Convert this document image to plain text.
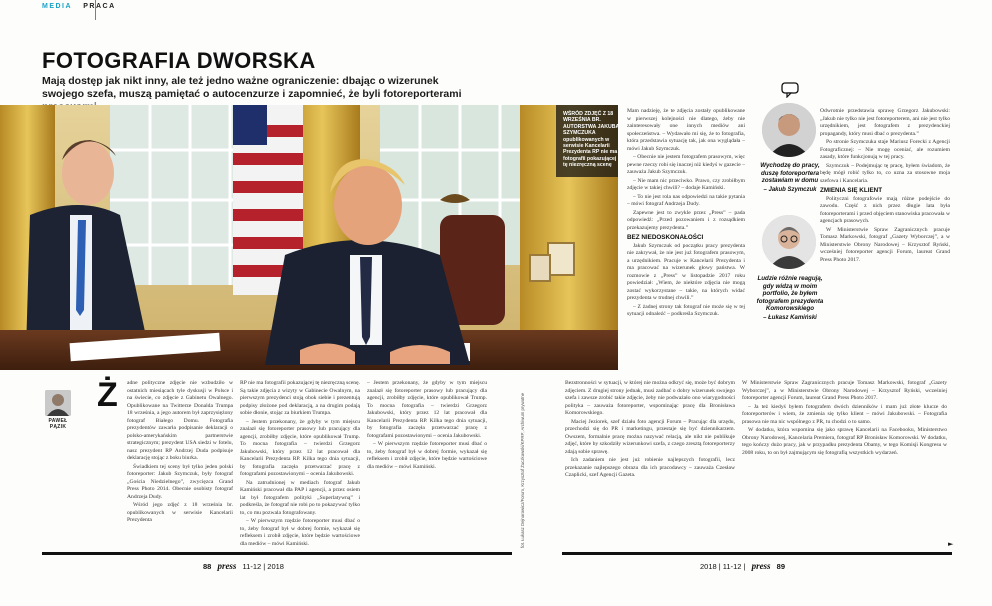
MEDIA PRACA
FOTOGRAFIA DWORSKA
Mają dostęp jak nikt inny, ale też jedno ważne ograniczenie: dbając o wizerunek swojego szefa, muszą pamiętać o autocenzurze i zapomnieć, że byli fotoreporterami
WŚRÓD ZDJĘĆ Z 18 WRZEŚNIA BR. AUTORSTWA JAKUBA SZYMCZUKA opublikowanych w serwisie Kancelarii Prezydenta RP nie ma fotografii pokazującej tę niezręczną scenę
PAWEŁ
PĄZIK
Ż adne polityczne zdjęcie nie wzbudziło w ostatnich miesiącach tyle dyskusji w Polsce i na świecie, co zdjęcie z Gabinetu Owalnego. Opublikowane na Twitterze Donalda Trumpa 18 września, a jego autorem był zaprzysiężony fotograf Białego Domu. Fotografia prezydentów zawarła podpisanie deklaracji o polsko-amerykańskim partnerstwie strategicznym; prezydent USA siedzi w fotelu, nasz prezydent RP Andrzej Duda podpisuje deklarację stojąc z boku biurka.

Świadkiem tej sceny był tylko jeden polski fotoreporter: Jakub Szymczuk, były fotograf „Gościa Niedzielnego”, zwycięzca Grand Press Photo 2014. Obecnie osobisty fotograf Andrzeja Dudy.

Wśród jego zdjęć z 18 września br. opublikowanych w serwisie Kancelarii Prezydenta

RP nie ma fotografii pokazującej tę niezręczną scenę. Są takie zdjęcia z wizyty w Gabinecie Owalnym, na pierwszym prezydenci stoją obok siebie i prezentują podpisy złożone pod deklaracją, a na drugim podają sobie dłonie, stojąc za biurkiem Trumpa.

– Jestem przekonany, że gdyby w tym miejscu znalazł się fotoreporter prasowy lub pracujący dla agencji, zrobiłby zdjęcie, które opublikował Trump. To mocna fotografia – twierdzi Grzegorz Jakubowski, który przez 12 lat pracował dla Kancelarii Prezydenta RP. Kilka tego dnia sytuacji, by fotografia zaczęła przetwarzać pracę z fotografami pozostawionymi – ocenia Jakubowski.

Na zatrudnionej w mediach fotograf Jakub Kamiński pracował dla PAP i agencji, a przez osiem lat był fotografem polityki „Superlatywną” i podkreśla, że fotograf nie robi po to pokazywać tylko to, co mu pozwala fotografowany.

– W pierwszym rzędzie fotoreporter musi dbać o to, żeby fotograf był w dobrej formie, wykazał się refleksem i zrobił zdjęcie, które będzie wartościowe dla mediów – mówi Kamiński.

– Jestem przekonany, że gdyby w tym miejscu znalazł się fotoreporter prasowy lub pracujący dla agencji, zrobiłby zdjęcie, które opublikował Trump. To mocna fotografia – twierdzi Grzegorz Jakubowski, który przez 12 lat pracował dla Kancelarii Prezydenta RP. Kilka tego dnia sytuacji, by fotografia zaczęła przetwarzać pracę z fotografami pozostawionymi – ocenia Jakubowski.

– W pierwszym rzędzie fotoreporter musi dbać o to, żeby fotograf był w dobrej formie, wykazał się refleksem i zrobił zdjęcie, które będzie wartościowe dla mediów – mówi Kamiński.	fot. Łukasz Dejnarowicz/Forum, Krzysztof Żuczkowski/KPRP; Archiwum prywatne

Bezstronności w sytuacji, w której nie można odkryć się, może być dobrym zdjęciem. Z drugiej strony jednak, musi zadbać o dobry wizerunek swojego szefa i zawsze zrobić takie zdjęcie, żeby nie podważało ono wiarygodności polityka – zauważa fotoreporter, wspominając pracę dla Bronisława Komorowskiego.

Maciej Jeziorek, szef działu foto agencji Forum – Pracując dla urzędu, przechodzi się do PR i marketingu, przestaje się być dziennikarzem. Owszem, formalnie pracę można nazywać relacją, ale nikt nie publikuje zdjęć, które by szkodziły wizerunkowi szefa, z czego zresztą fotoreporterzy zdają sobie sprawę.

Ich zadaniem nie jest już robienie najlepszych fotografii, lecz przekazanie najlepszego obrazu dla ich pracodawcy – zauważa Czesław Czaplicki, szef Agencji Gazeta.

W Ministerstwie Spraw Zagranicznych pracuje Tomasz Markowski, fotograf „Gazety Wyborczej”, a w Ministerstwie Obrony Narodowej – Krzysztof Ryński, wcześniej fotoreporter agencji Forum, laureat Grand Press Photo 2017.

– Ja też kiedyś byłem fotografem dwóch dzienników i mam już złote klucze do fotoreporterów i wiem, że zmienia się tylko klient – mówi Jakubowski. – Fotografia prasowa nie ma nic wspólnego z PR, tu chodzi o to samo.

W dodatku, która wspomina się jako sprawę Kancelarii na Facebooku, Ministerstwo Obrony Narodowej, Kancelaria Premiera, fotograf RP Bronisław Komorowski. W dodatku, tego kończy dużo pracy, jak w przypadku prezydenta Obamy, w tego Komisji Kongresu w 2008 roku, to on był zajmującym się fotografią wszystkich wydarzeń.

►

Mam nadzieję, że te zdjęcia zostały opublikowane w pierwszej kolejności nie dlatego, żeby nie zainteresowały one innych mediów ani społeczeństwa. – Wydawało mi się, że to fotografia, która przedstawia sytuację tak, jak ona wyglądała – mówi Jakub Szymczuk.

– Obecnie nie jestem fotografem prasowym, więc pewne rzeczy robi się inaczej niż kiedyś w gazecie – zauważa Jakub Szymczuk.

– Nie mam nic przeciwko. Prawo, czy zrobiłbym zdjęcie w takiej chwili? – dodaje Kamiński.

– To nie jest rola nas odpowiedzi na takie pytania – mówi fotograf Andrzeja Dudy.

Zapewne jest to zwykle przez „Press” – pada odpowiedź: „Przed pozowaniem i z rozsądkiem przekazujemy prezydenta.”

BEZ NIEDOSKONAŁOŚCI

Jakub Szymczuk od początku pracy prezydenta nie zakrywał, że nie jest już fotografem prasowym, a urzędnikiem. Pracuje w Kancelarii Prezydenta i ma pracować na wizerunek głowy państwa. W rozmowie z „Press” w listopadzie 2017 roku powiedział: „Wiem, że niektóre zdjęcia nie mogą zostać wykorzystane – takie, na których widać prezydenta w trudnej chwili.”

– Z żadnej strony tak fotograf nie może się w tej sytuacji odnaleźć – podkreśla Szymczuk.

Odwrotnie przedstawia sprawę Grzegorz Jakubowski: „Jakub nie tylko nie jest fotoreporterem, ani nie jest tylko urzędnikiem, jest fotografem z prezydenckiej propagandy, który musi dbać o prezydenta.”

Po stronie Szymczuka staje Mariusz Forecki z Agencji Fotograficznej: – Nie mogę oceniać, ale rozumiem zasady, które funkcjonują w tej pracy.

Szymczuk – Podejmując tę pracę, byłem świadom, że będę mógł robić tylko to, co uzna za stosowne moja szefowa i Kancelaria.

ZMIENIA SIĘ KLIENT

Polityczni fotografowie mają różne podejście do zawodu. Część z nich przez długie lata była fotoreporterami i przed objęciem stanowiska pracowała w agencjach prasowych.

W Ministerstwie Spraw Zagranicznych pracuje Tomasz Markowski, fotograf „Gazety Wyborczej”, a w Ministerstwie Obrony Narodowej – Krzysztof Ryński, wcześniej fotoreporter agencji Forum, laureat Grand Press Photo 2017.

Wychodzę do pracy, duszę fotoreportera zostawiam w domu
– Jakub Szymczuk
Ludzie różnie reagują, gdy widzą w moim portfolio, że byłem fotografem prezydenta Komorowskiego
– Łukasz Kamiński
88 press 11-12 | 2018	2018 | 11-12 | press 89
